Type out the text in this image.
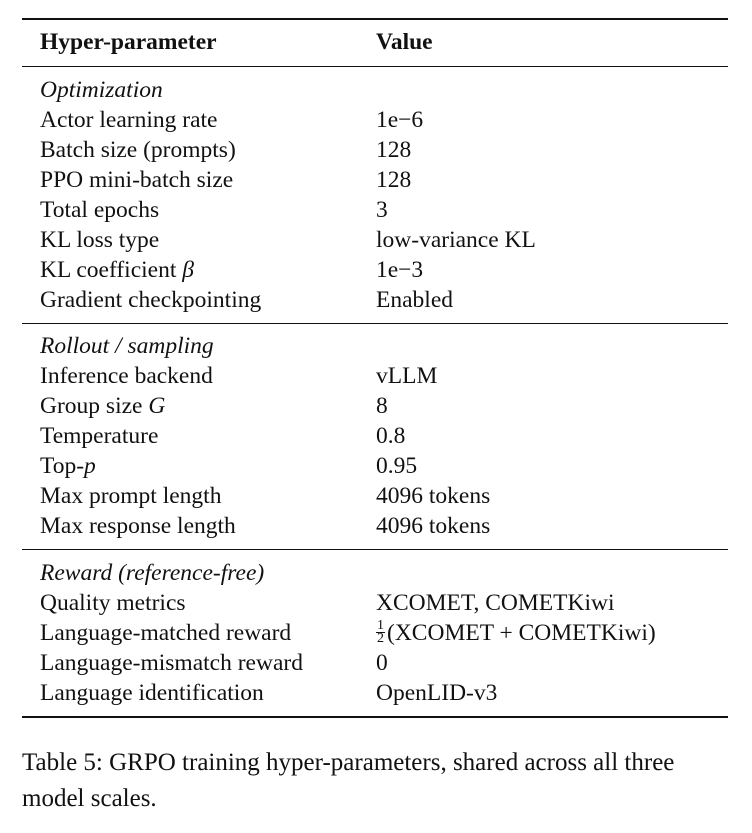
Hyper-parameter	Value
Optimization
Actor learning rate	1e−6
Batch size (prompts)	128
PPO mini-batch size	128
Total epochs	3
KL loss type	low-variance KL
KL coefficient β	1e−3
Gradient checkpointing	Enabled
Rollout / sampling
Inference backend	vLLM
Group size G	8
Temperature	0.8
Top-p	0.95
Max prompt length	4096 tokens
Max response length	4096 tokens
Reward (reference-free)
Quality metrics	XCOMET, COMETKiwi
Language-matched reward	$\frac{1}{2}$ (XCOMET + COMETKiwi)
Language-mismatch reward	0
Language identification	OpenLID-v3
Table 5: GRPO training hyper-parameters, shared across all three model scales.
